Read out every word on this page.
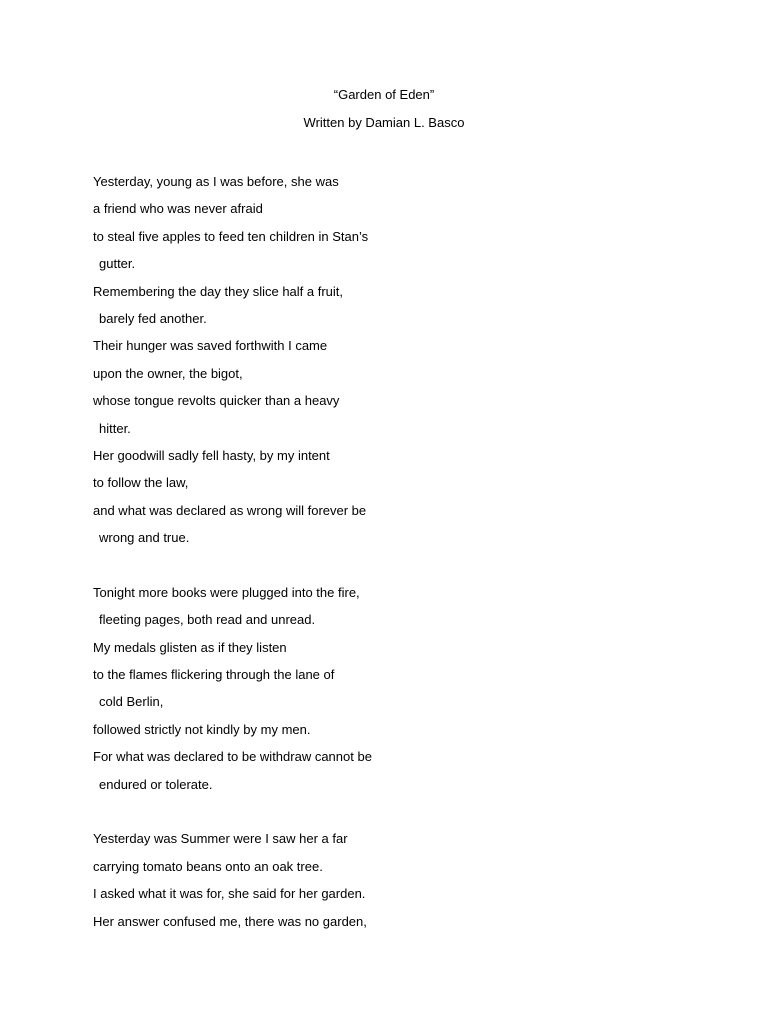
“Garden of Eden”
Written by Damian L. Basco
Yesterday, young as I was before, she was
a friend who was never afraid
to steal five apples to feed ten children in Stan’s
gutter.
Remembering the day they slice half a fruit,
barely fed another.
Their hunger was saved forthwith I came
upon the owner, the bigot,
whose tongue revolts quicker than a heavy
hitter.
Her goodwill sadly fell hasty, by my intent
to follow the law,
and what was declared as wrong will forever be
wrong and true.
Tonight more books were plugged into the fire,
fleeting pages, both read and unread.
My medals glisten as if they listen
to the flames flickering through the lane of
cold Berlin,
followed strictly not kindly by my men.
For what was declared to be withdraw cannot be
endured or tolerate.
Yesterday was Summer were I saw her a far
carrying tomato beans onto an oak tree.
I asked what it was for, she said for her garden.
Her answer confused me, there was no garden,
